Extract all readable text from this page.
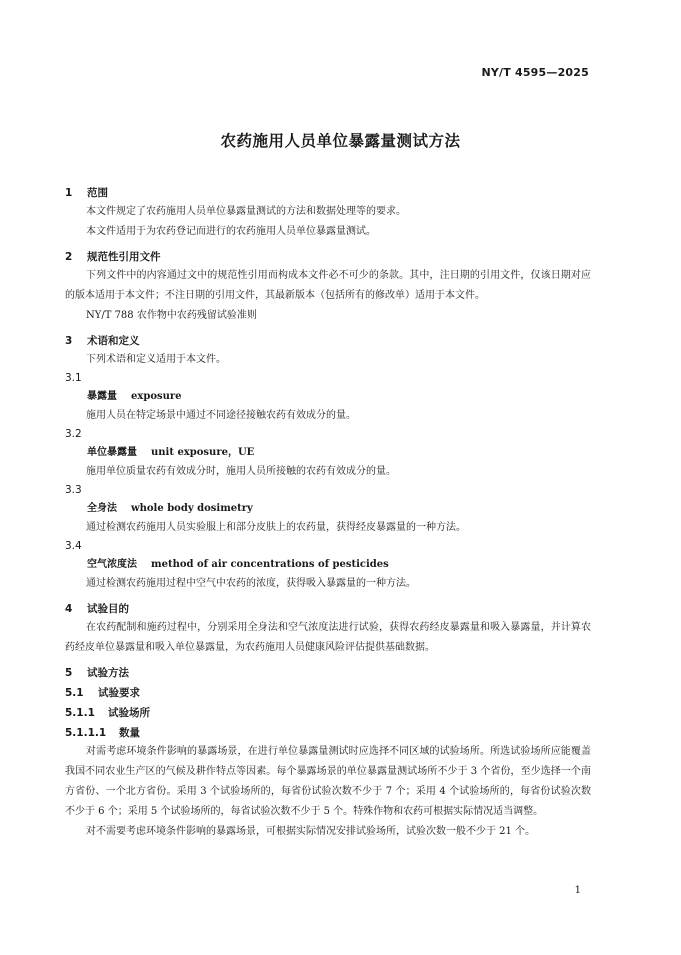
NY/T 4595—2025
农药施用人员单位暴露量测试方法
1 范围

本文件规定了农药施用人员单位暴露量测试的方法和数据处理等的要求。

本文件适用于为农药登记而进行的农药施用人员单位暴露量测试。

2 规范性引用文件

下列文件中的内容通过文中的规范性引用而构成本文件必不可少的条款。其中，注日期的引用文件，仅该日期对应的版本适用于本文件；不注日期的引用文件，其最新版本（包括所有的修改单）适用于本文件。

NY/T 788 农作物中农药残留试验准则

3 术语和定义

下列术语和定义适用于本文件。

3.1
暴露量 exposure

施用人员在特定场景中通过不同途径接触农药有效成分的量。

3.2
单位暴露量 unit exposure，UE

施用单位质量农药有效成分时，施用人员所接触的农药有效成分的量。

3.3
全身法 whole body dosimetry

通过检测农药施用人员实验服上和部分皮肤上的农药量，获得经皮暴露量的一种方法。

3.4
空气浓度法 method of air concentrations of pesticides

通过检测农药施用过程中空气中农药的浓度，获得吸入暴露量的一种方法。

4 试验目的

在农药配制和施药过程中，分别采用全身法和空气浓度法进行试验，获得农药经皮暴露量和吸入暴露量，并计算农药经皮单位暴露量和吸入单位暴露量，为农药施用人员健康风险评估提供基础数据。

5 试验方法
5.1 试验要求
5.1.1 试验场所
5.1.1.1 数量

对需考虑环境条件影响的暴露场景，在进行单位暴露量测试时应选择不同区域的试验场所。所选试验场所应能覆盖我国不同农业生产区的气候及耕作特点等因素。每个暴露场景的单位暴露量测试场所不少于 3 个省份，至少选择一个南方省份、一个北方省份。采用 3 个试验场所的，每省份试验次数不少于 7 个；采用 4 个试验场所的，每省份试验次数不少于 6 个；采用 5 个试验场所的，每省试验次数不少于 5 个。特殊作物和农药可根据实际情况适当调整。

对不需要考虑环境条件影响的暴露场景，可根据实际情况安排试验场所，试验次数一般不少于 21 个。

1
